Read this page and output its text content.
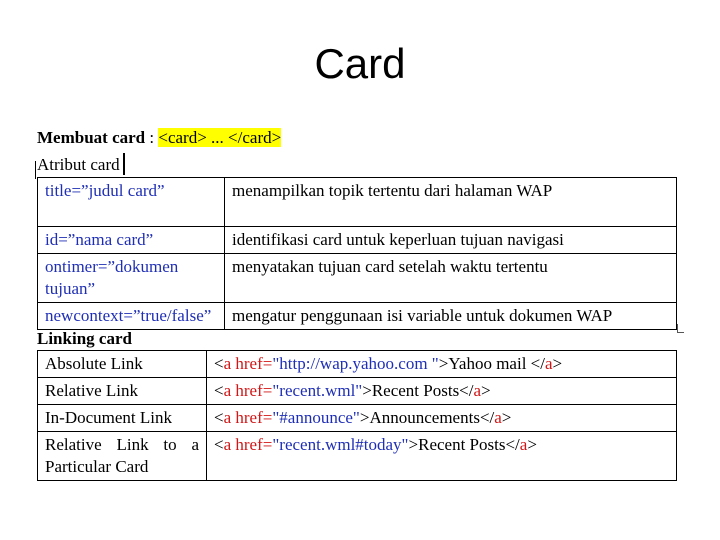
Card
Membuat card : <card> ... </card>
Atribut card
title=”judul card”	menampilkan topik tertentu dari halaman WAP
id=”nama card”	identifikasi card untuk keperluan tujuan navigasi
ontimer=”dokumen tujuan”	menyatakan tujuan card setelah waktu tertentu
newcontext=”true/false”	mengatur penggunaan isi variable untuk dokumen WAP
Linking card
Absolute Link	<a href="http://wap.yahoo.com ">Yahoo mail </a>
Relative Link	<a href="recent.wml">Recent Posts</a>
In-Document Link	<a href="#announce">Announcements</a>
Relative Link to a Particular Card	<a href="recent.wml#today">Recent Posts</a>
